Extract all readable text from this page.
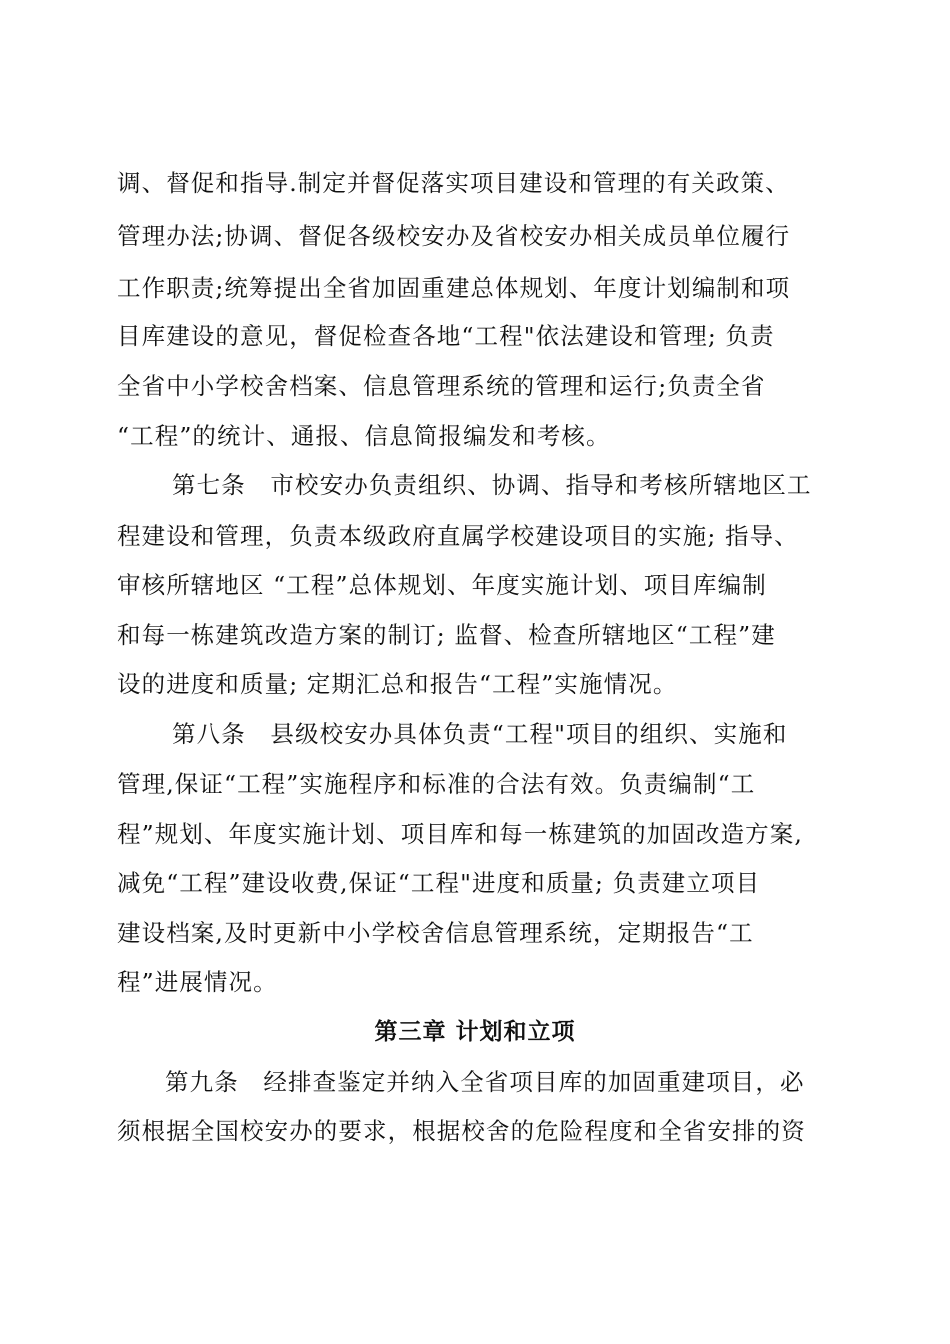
调、督促和指导.制定并督促落实项目建设和管理的有关政策、
管理办法;协调、督促各级校安办及省校安办相关成员单位履行
工作职责;统筹提出全省加固重建总体规划、年度计划编制和项
目库建设的意见，督促检查各地“工程"依法建设和管理; 负责
全省中小学校舍档案、信息管理系统的管理和运行;负责全省
“工程”的统计、通报、信息简报编发和考核。
第七条　市校安办负责组织、协调、指导和考核所辖地区工
程建设和管理，负责本级政府直属学校建设项目的实施; 指导、
审核所辖地区 “工程”总体规划、年度实施计划、项目库编制
和每一栋建筑改造方案的制订; 监督、检查所辖地区“工程”建
设的进度和质量; 定期汇总和报告“工程”实施情况。
第八条　县级校安办具体负责“工程"项目的组织、实施和
管理,保证“工程”实施程序和标准的合法有效。负责编制“工
程”规划、年度实施计划、项目库和每一栋建筑的加固改造方案,
减免“工程”建设收费,保证“工程"进度和质量; 负责建立项目
建设档案,及时更新中小学校舍信息管理系统，定期报告“工
程”进展情况。
第三章 计划和立项
第九条　经排查鉴定并纳入全省项目库的加固重建项目，必
须根据全国校安办的要求，根据校舍的危险程度和全省安排的资
